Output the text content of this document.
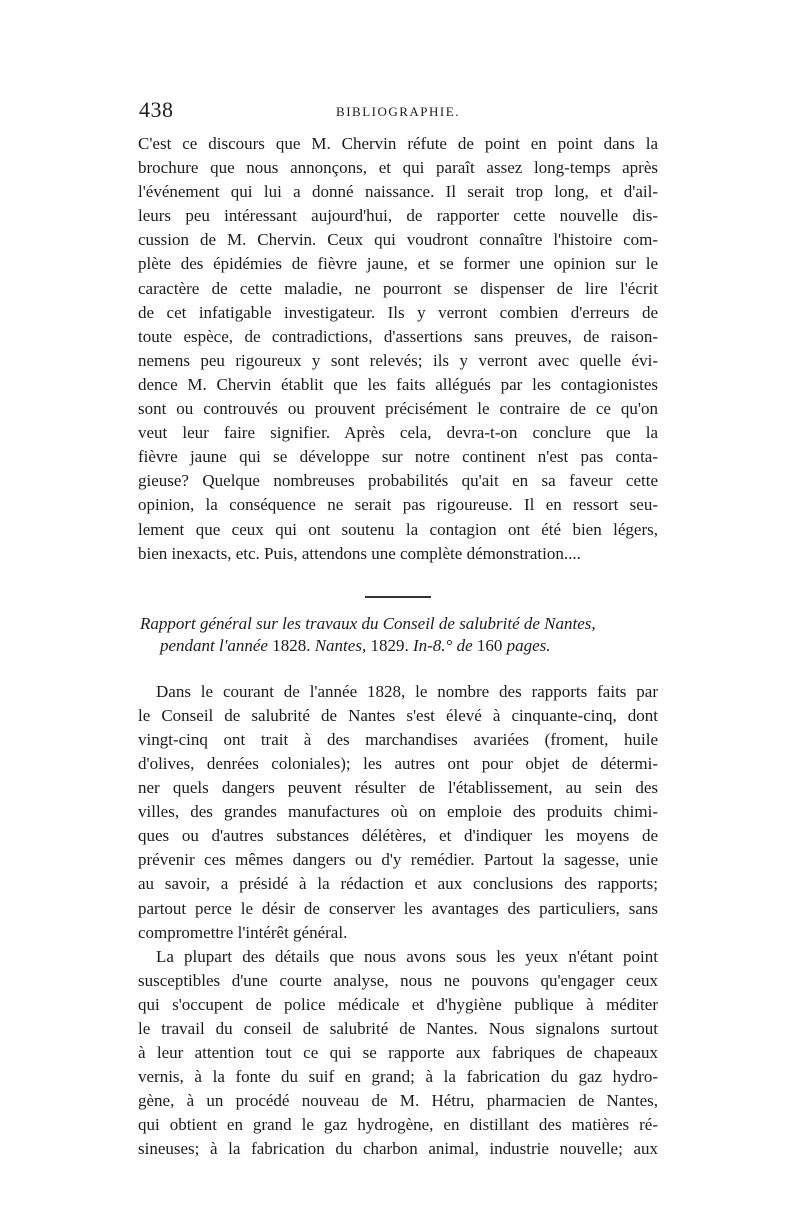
438	BIBLIOGRAPHIE.

C'est ce discours que M. Chervin réfute de point en point dans la
brochure que nous annonçons, et qui paraît assez long-temps après
l'événement qui lui a donné naissance. Il serait trop long, et d'ail-
leurs peu intéressant aujourd'hui, de rapporter cette nouvelle dis-
cussion de M. Chervin. Ceux qui voudront connaître l'histoire com-
plète des épidémies de fièvre jaune, et se former une opinion sur le
caractère de cette maladie, ne pourront se dispenser de lire l'écrit
de cet infatigable investigateur. Ils y verront combien d'erreurs de
toute espèce, de contradictions, d'assertions sans preuves, de raison-
nemens peu rigoureux y sont relevés; ils y verront avec quelle évi-
dence M. Chervin établit que les faits allégués par les contagionistes
sont ou controuvés ou prouvent précisément le contraire de ce qu'on
veut leur faire signifier. Après cela, devra-t-on conclure que la
fièvre jaune qui se développe sur notre continent n'est pas conta-
gieuse? Quelque nombreuses probabilités qu'ait en sa faveur cette
opinion, la conséquence ne serait pas rigoureuse. Il en ressort seu-
lement que ceux qui ont soutenu la contagion ont été bien légers,
bien inexacts, etc. Puis, attendons une complète démonstration....

Rapport général sur les travaux du Conseil de salubrité de Nantes,
pendant l'année 1828. Nantes, 1829. In-8.° de 160 pages.

Dans le courant de l'année 1828, le nombre des rapports faits par
le Conseil de salubrité de Nantes s'est élevé à cinquante-cinq, dont
vingt-cinq ont trait à des marchandises avariées (froment, huile
d'olives, denrées coloniales); les autres ont pour objet de détermi-
ner quels dangers peuvent résulter de l'établissement, au sein des
villes, des grandes manufactures où on emploie des produits chimi-
ques ou d'autres substances délétères, et d'indiquer les moyens de
prévenir ces mêmes dangers ou d'y remédier. Partout la sagesse, unie
au savoir, a présidé à la rédaction et aux conclusions des rapports;
partout perce le désir de conserver les avantages des particuliers, sans
compromettre l'intérêt général.

La plupart des détails que nous avons sous les yeux n'étant point
susceptibles d'une courte analyse, nous ne pouvons qu'engager ceux
qui s'occupent de police médicale et d'hygiène publique à méditer
le travail du conseil de salubrité de Nantes. Nous signalons surtout
à leur attention tout ce qui se rapporte aux fabriques de chapeaux
vernis, à la fonte du suif en grand; à la fabrication du gaz hydro-
gène, à un procédé nouveau de M. Hétru, pharmacien de Nantes,
qui obtient en grand le gaz hydrogène, en distillant des matières ré-
sineuses; à la fabrication du charbon animal, industrie nouvelle; aux
